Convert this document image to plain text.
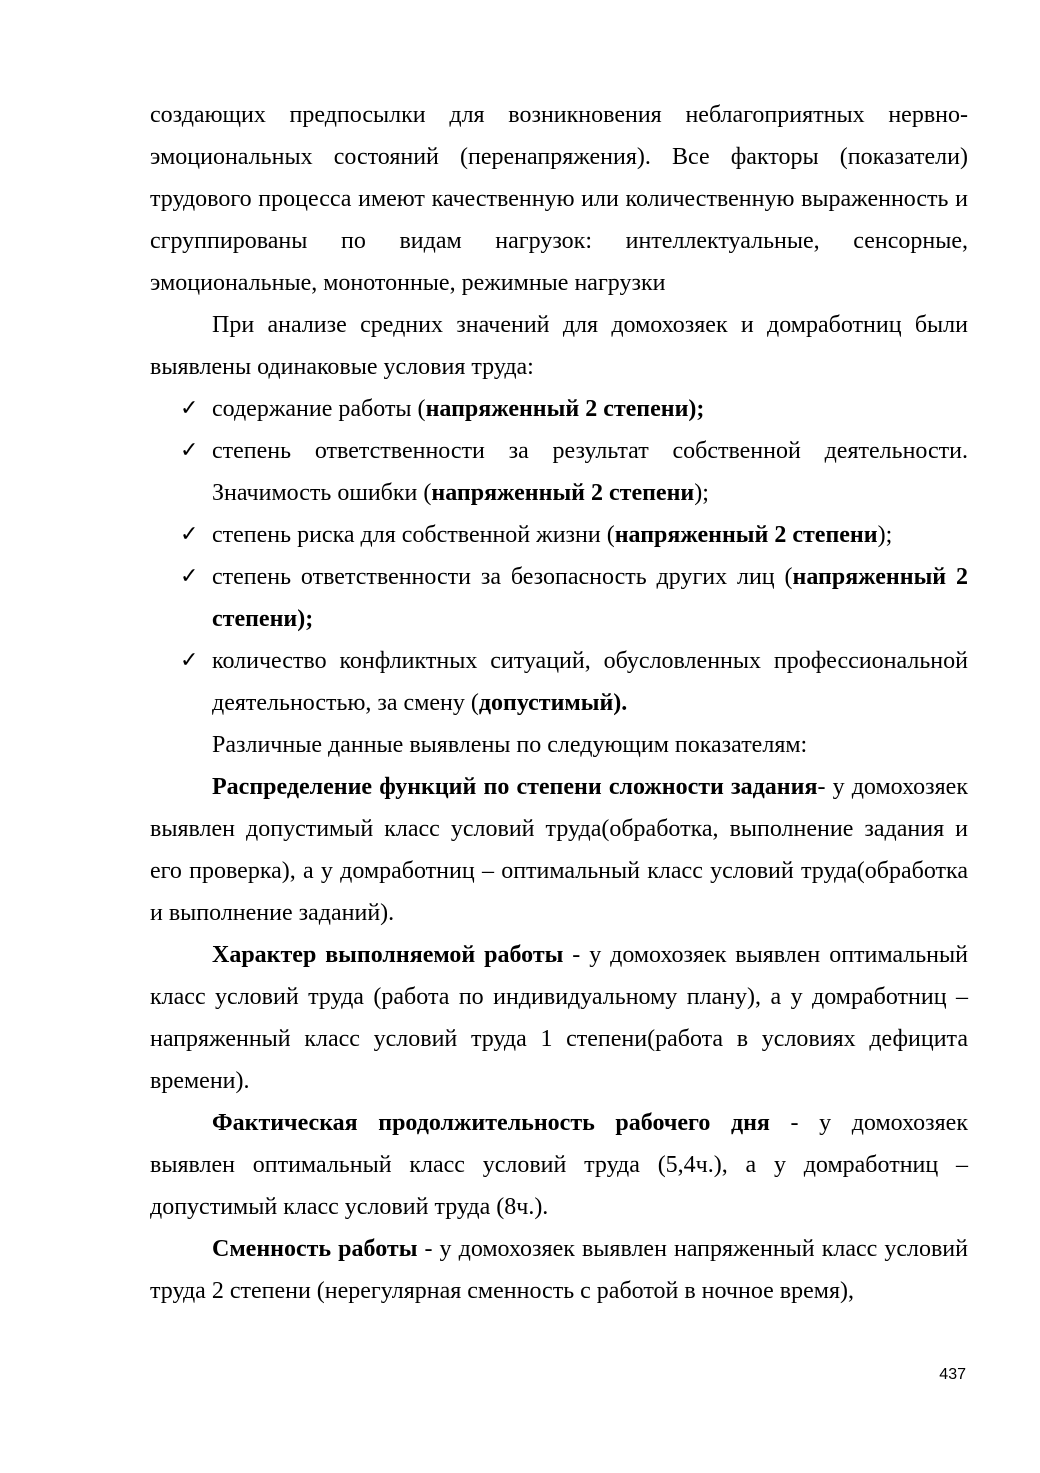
создающих предпосылки для возникновения неблагоприятных нервно-эмоциональных состояний (перенапряжения). Все факторы (показатели) трудового процесса имеют качественную или количественную выраженность и сгруппированы по видам нагрузок: интеллектуальные, сенсорные, эмоциональные, монотонные, режимные нагрузки

При анализе средних значений для домохозяек и домработниц были выявлены одинаковые условия труда:

✓ содержание работы (напряженный 2 степени);
✓ степень ответственности за результат собственной деятельности. Значимость ошибки (напряженный 2 степени);
✓ степень риска для собственной жизни (напряженный 2 степени);
✓ степень ответственности за безопасность других лиц (напряженный 2 степени);
✓ количество конфликтных ситуаций, обусловленных профессиональной деятельностью, за смену (допустимый).

Различные данные выявлены по следующим показателям:

Распределение функций по степени сложности задания- у домохозяек выявлен допустимый класс условий труда(обработка, выполнение задания и его проверка), а у домработниц – оптимальный класс условий труда(обработка и выполнение заданий).

Характер выполняемой работы - у домохозяек выявлен оптимальный класс условий труда (работа по индивидуальному плану), а у домработниц – напряженный класс условий труда 1 степени(работа в условиях дефицита времени).

Фактическая продолжительность рабочего дня - у домохозяек выявлен оптимальный класс условий труда (5,4ч.), а у домработниц – допустимый класс условий труда (8ч.).

Сменность работы - у домохозяек выявлен напряженный класс условий труда 2 степени (нерегулярная сменность с работой в ночное время),

437
